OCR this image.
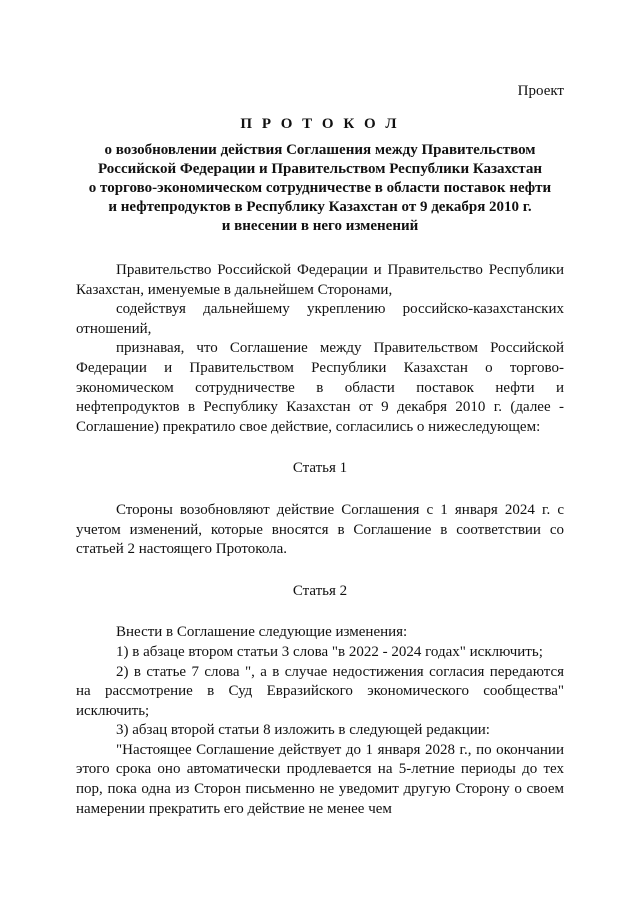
Проект
П Р О Т О К О Л
о возобновлении действия Соглашения между Правительством
Российской Федерации и Правительством Республики Казахстан
о торгово-экономическом сотрудничестве в области поставок нефти
и нефтепродуктов в Республику Казахстан от 9 декабря 2010 г.
и внесении в него изменений

Правительство Российской Федерации и Правительство Республики Казахстан, именуемые в дальнейшем Сторонами,

содействуя дальнейшему укреплению российско-казахстанских отношений,

признавая, что Соглашение между Правительством Российской Федерации и Правительством Республики Казахстан о торгово-экономическом сотрудничестве в области поставок нефти и нефтепродуктов в Республику Казахстан от 9 декабря 2010 г. (далее - Соглашение) прекратило свое действие, согласились о нижеследующем:

Статья 1

Стороны возобновляют действие Соглашения с 1 января 2024 г. с учетом изменений, которые вносятся в Соглашение в соответствии со статьей 2 настоящего Протокола.

Статья 2

Внести в Соглашение следующие изменения:

1) в абзаце втором статьи 3 слова "в 2022 - 2024 годах" исключить;

2) в статье 7 слова ", а в случае недостижения согласия передаются на рассмотрение в Суд Евразийского экономического сообщества" исключить;

3) абзац второй статьи 8 изложить в следующей редакции:

"Настоящее Соглашение действует до 1 января 2028 г., по окончании этого срока оно автоматически продлевается на 5-летние периоды до тех пор, пока одна из Сторон письменно не уведомит другую Сторону о своем намерении прекратить его действие не менее чем
